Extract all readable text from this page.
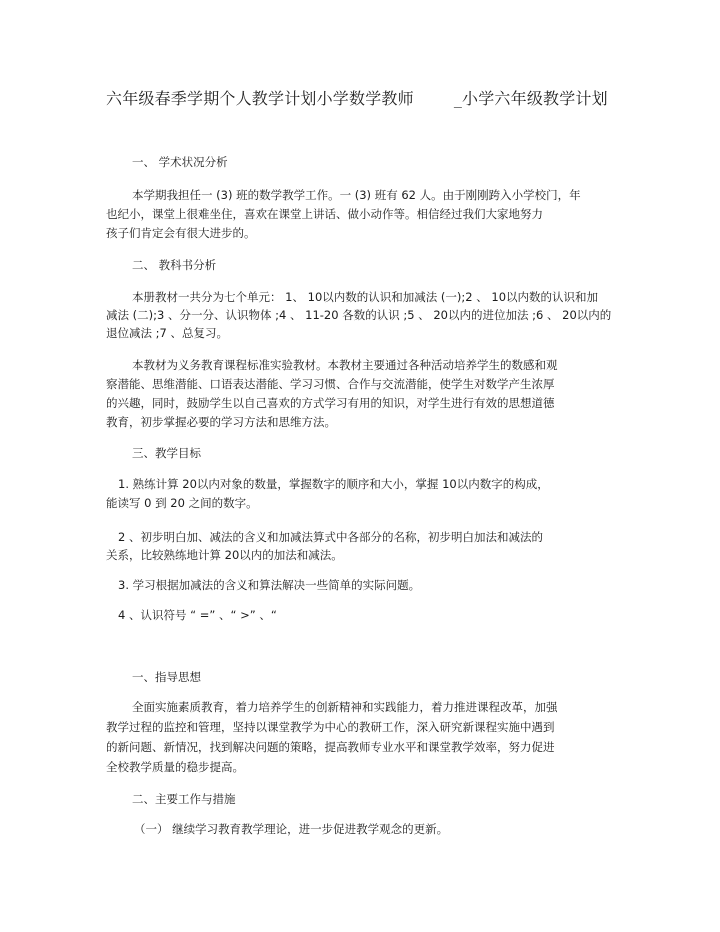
六年级春季学期个人教学计划小学数学教师	_小学六年级教学计划
一、 学术状况分析
本学期我担任一 (3) 班的数学教学工作。一 (3) 班有 62 人。由于刚刚跨入小学校门，年
也纪小，课堂上很难坐住，喜欢在课堂上讲话、做小动作等。相信经过我们大家地努力
孩子们肯定会有很大进步的。
二、 教科书分析
本册教材一共分为七个单元： 1、 10以内数的认识和加减法 (一);2 、 10以内数的认识和加
减法 (二);3 、分一分、认识物体 ;4 、 11-20 各数的认识 ;5 、 20以内的进位加法 ;6 、 20以内的
退位减法 ;7 、总复习。
本教材为义务教育课程标准实验教材。本教材主要通过各种活动培养学生的数感和观
察潜能、思维潜能、口语表达潜能、学习习惯、合作与交流潜能，使学生对数学产生浓厚
的兴趣，同时，鼓励学生以自己喜欢的方式学习有用的知识，对学生进行有效的思想道德
教育，初步掌握必要的学习方法和思维方法。
三、教学目标
1. 熟练计算 20以内对象的数量，掌握数字的顺序和大小，掌握 10以内数字的构成，
能读写 0 到 20 之间的数字。
2 、初步明白加、减法的含义和加减法算式中各部分的名称，初步明白加法和减法的
关系，比较熟练地计算 20以内的加法和减法。
3. 学习根据加减法的含义和算法解决一些简单的实际问题。
4 、认识符号 “ =” 、“ >” 、“
一、指导思想
全面实施素质教育，着力培养学生的创新精神和实践能力，着力推进课程改革，加强
教学过程的监控和管理，坚持以课堂教学为中心的教研工作，深入研究新课程实施中遇到
的新问题、新情况，找到解决问题的策略，提高教师专业水平和课堂教学效率，努力促进
全校教学质量的稳步提高。
二、主要工作与措施
（一） 继续学习教育教学理论，进一步促进教学观念的更新。
